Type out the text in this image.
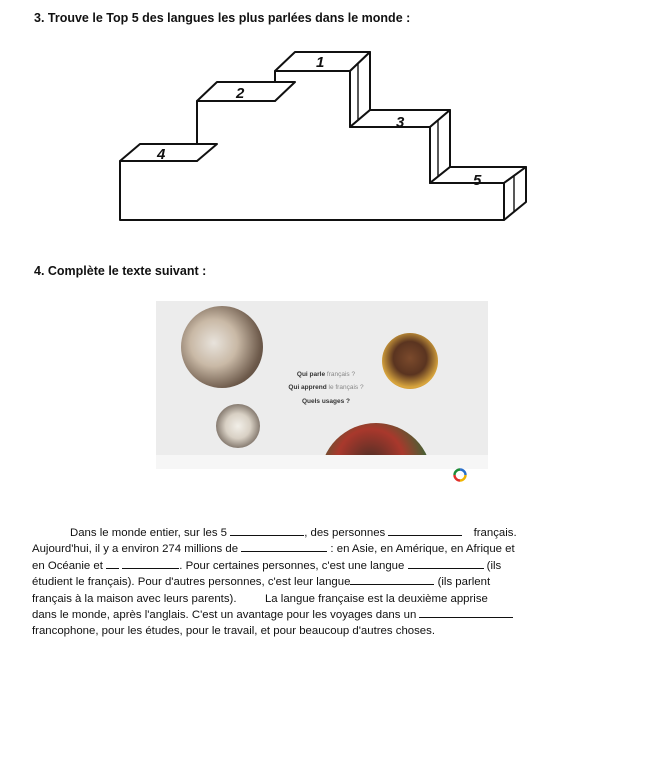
3. Trouve le Top 5 des langues les plus parlées dans le monde :
1
2
3
4
5
4. Complète le texte suivant :
Qui parle français ?
Qui apprend le français ?
Quels usages ?
Dans le monde entier, sur les 5	, des personnes	français.
Aujourd'hui, il y a environ 274 millions de	: en Asie, en Amérique, en Afrique et
en Océanie et	. Pour certaines personnes, c'est une langue	(ils
étudient le français). Pour d'autres personnes, c'est leur langue	(ils parlent
français à la maison avec leurs parents).         La langue française est la deuxième apprise
dans le monde, après l'anglais. C'est un avantage pour les voyages dans un
francophone, pour les études, pour le travail, et pour beaucoup d'autres choses.
